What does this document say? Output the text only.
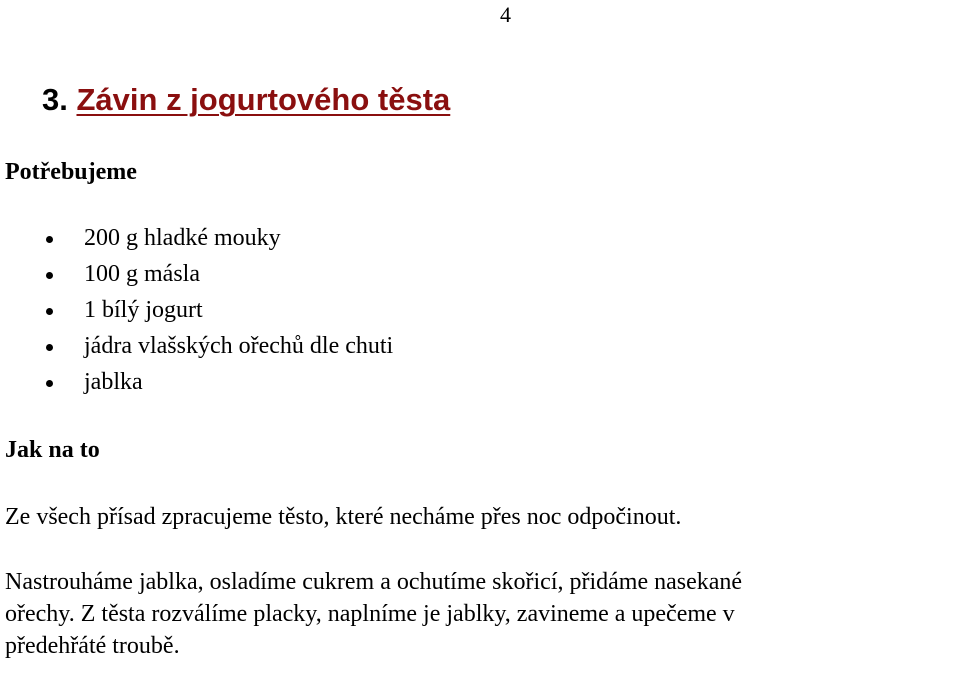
4
3. Závin z jogurtového těsta
Potřebujeme
200 g hladké mouky
100 g másla
1 bílý jogurt
jádra vlašských ořechů dle chuti
jablka
Jak na to

Ze všech přísad zpracujeme těsto, které necháme přes noc odpočinout.

Nastrouháme jablka, osladíme cukrem a ochutíme skořicí, přidáme nasekané
ořechy. Z těsta rozválíme placky, naplníme je jablky, zavineme a upečeme v
předehřáté troubě.
